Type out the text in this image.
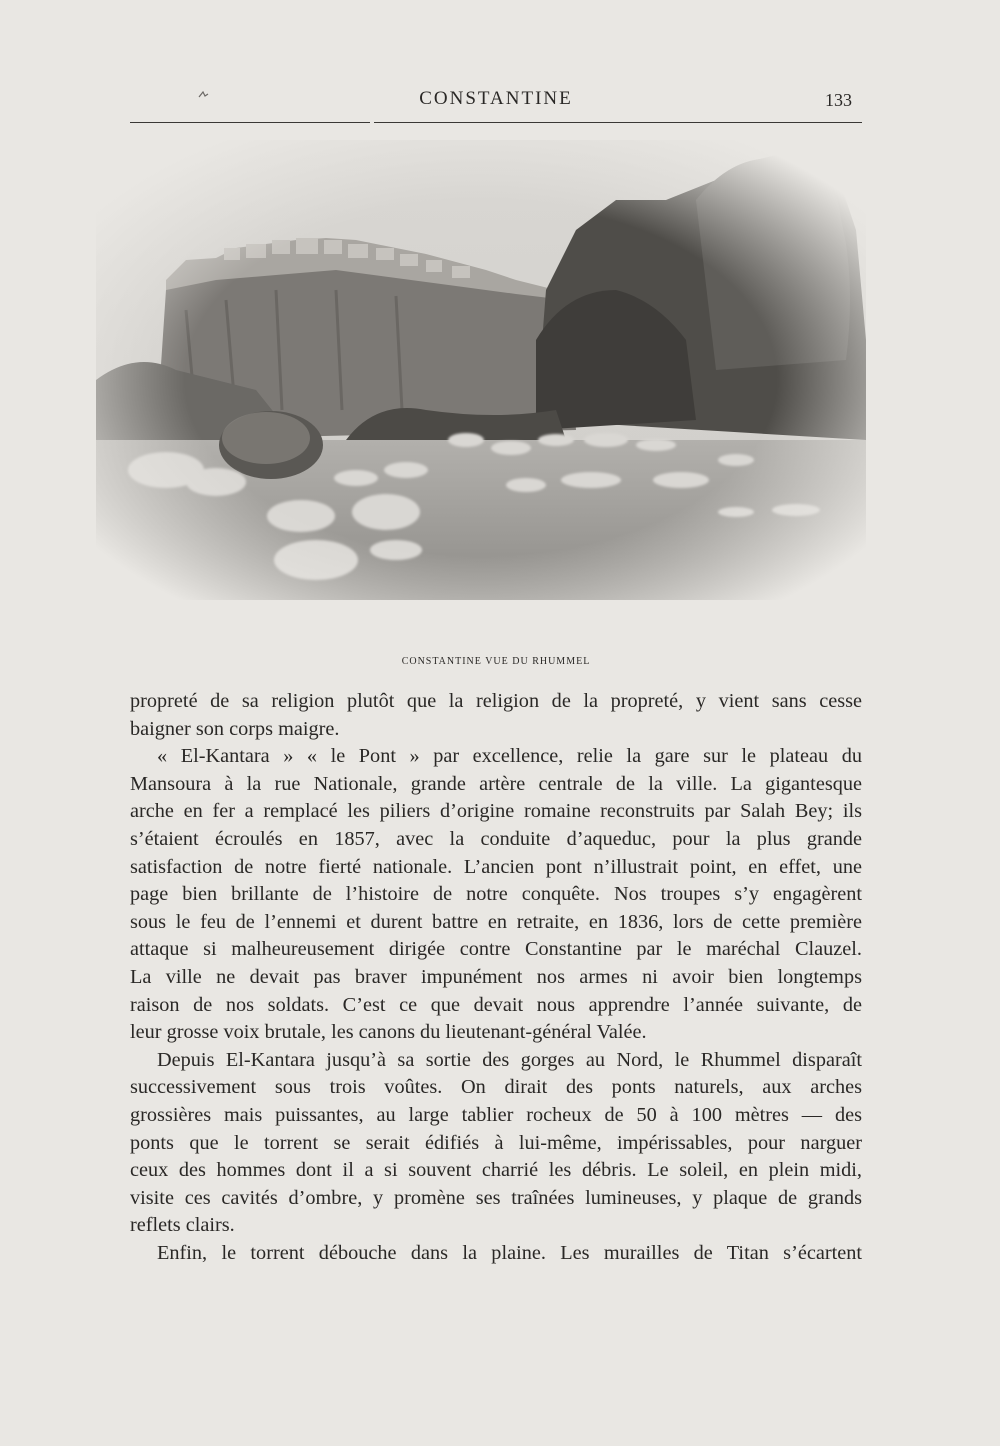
CONSTANTINE	133
CONSTANTINE VUE DU RHUMMEL
propreté de sa religion plutôt que la religion de la propreté, y vient sans cesse
baigner son corps maigre.
« El-Kantara » « le Pont » par excellence, relie la gare sur le plateau du
Mansoura à la rue Nationale, grande artère centrale de la ville. La gigantesque
arche en fer a remplacé les piliers d’origine romaine reconstruits par Salah Bey; ils
s’étaient écroulés en 1857, avec la conduite d’aqueduc, pour la plus grande
satisfaction de notre fierté nationale. L’ancien pont n’illustrait point, en effet, une
page bien brillante de l’histoire de notre conquête. Nos troupes s’y engagèrent
sous le feu de l’ennemi et durent battre en retraite, en 1836, lors de cette première
attaque si malheureusement dirigée contre Constantine par le maréchal Clauzel.
La ville ne devait pas braver impunément nos armes ni avoir bien longtemps
raison de nos soldats. C’est ce que devait nous apprendre l’année suivante, de
leur grosse voix brutale, les canons du lieutenant-général Valée.
Depuis El-Kantara jusqu’à sa sortie des gorges au Nord, le Rhummel disparaît
successivement sous trois voûtes. On dirait des ponts naturels, aux arches
grossières mais puissantes, au large tablier rocheux de 50 à 100 mètres — des
ponts que le torrent se serait édifiés à lui-même, impérissables, pour narguer
ceux des hommes dont il a si souvent charrié les débris. Le soleil, en plein midi,
visite ces cavités d’ombre, y promène ses traînées lumineuses, y plaque de grands
reflets clairs.
Enfin, le torrent débouche dans la plaine. Les murailles de Titan s’écartent
